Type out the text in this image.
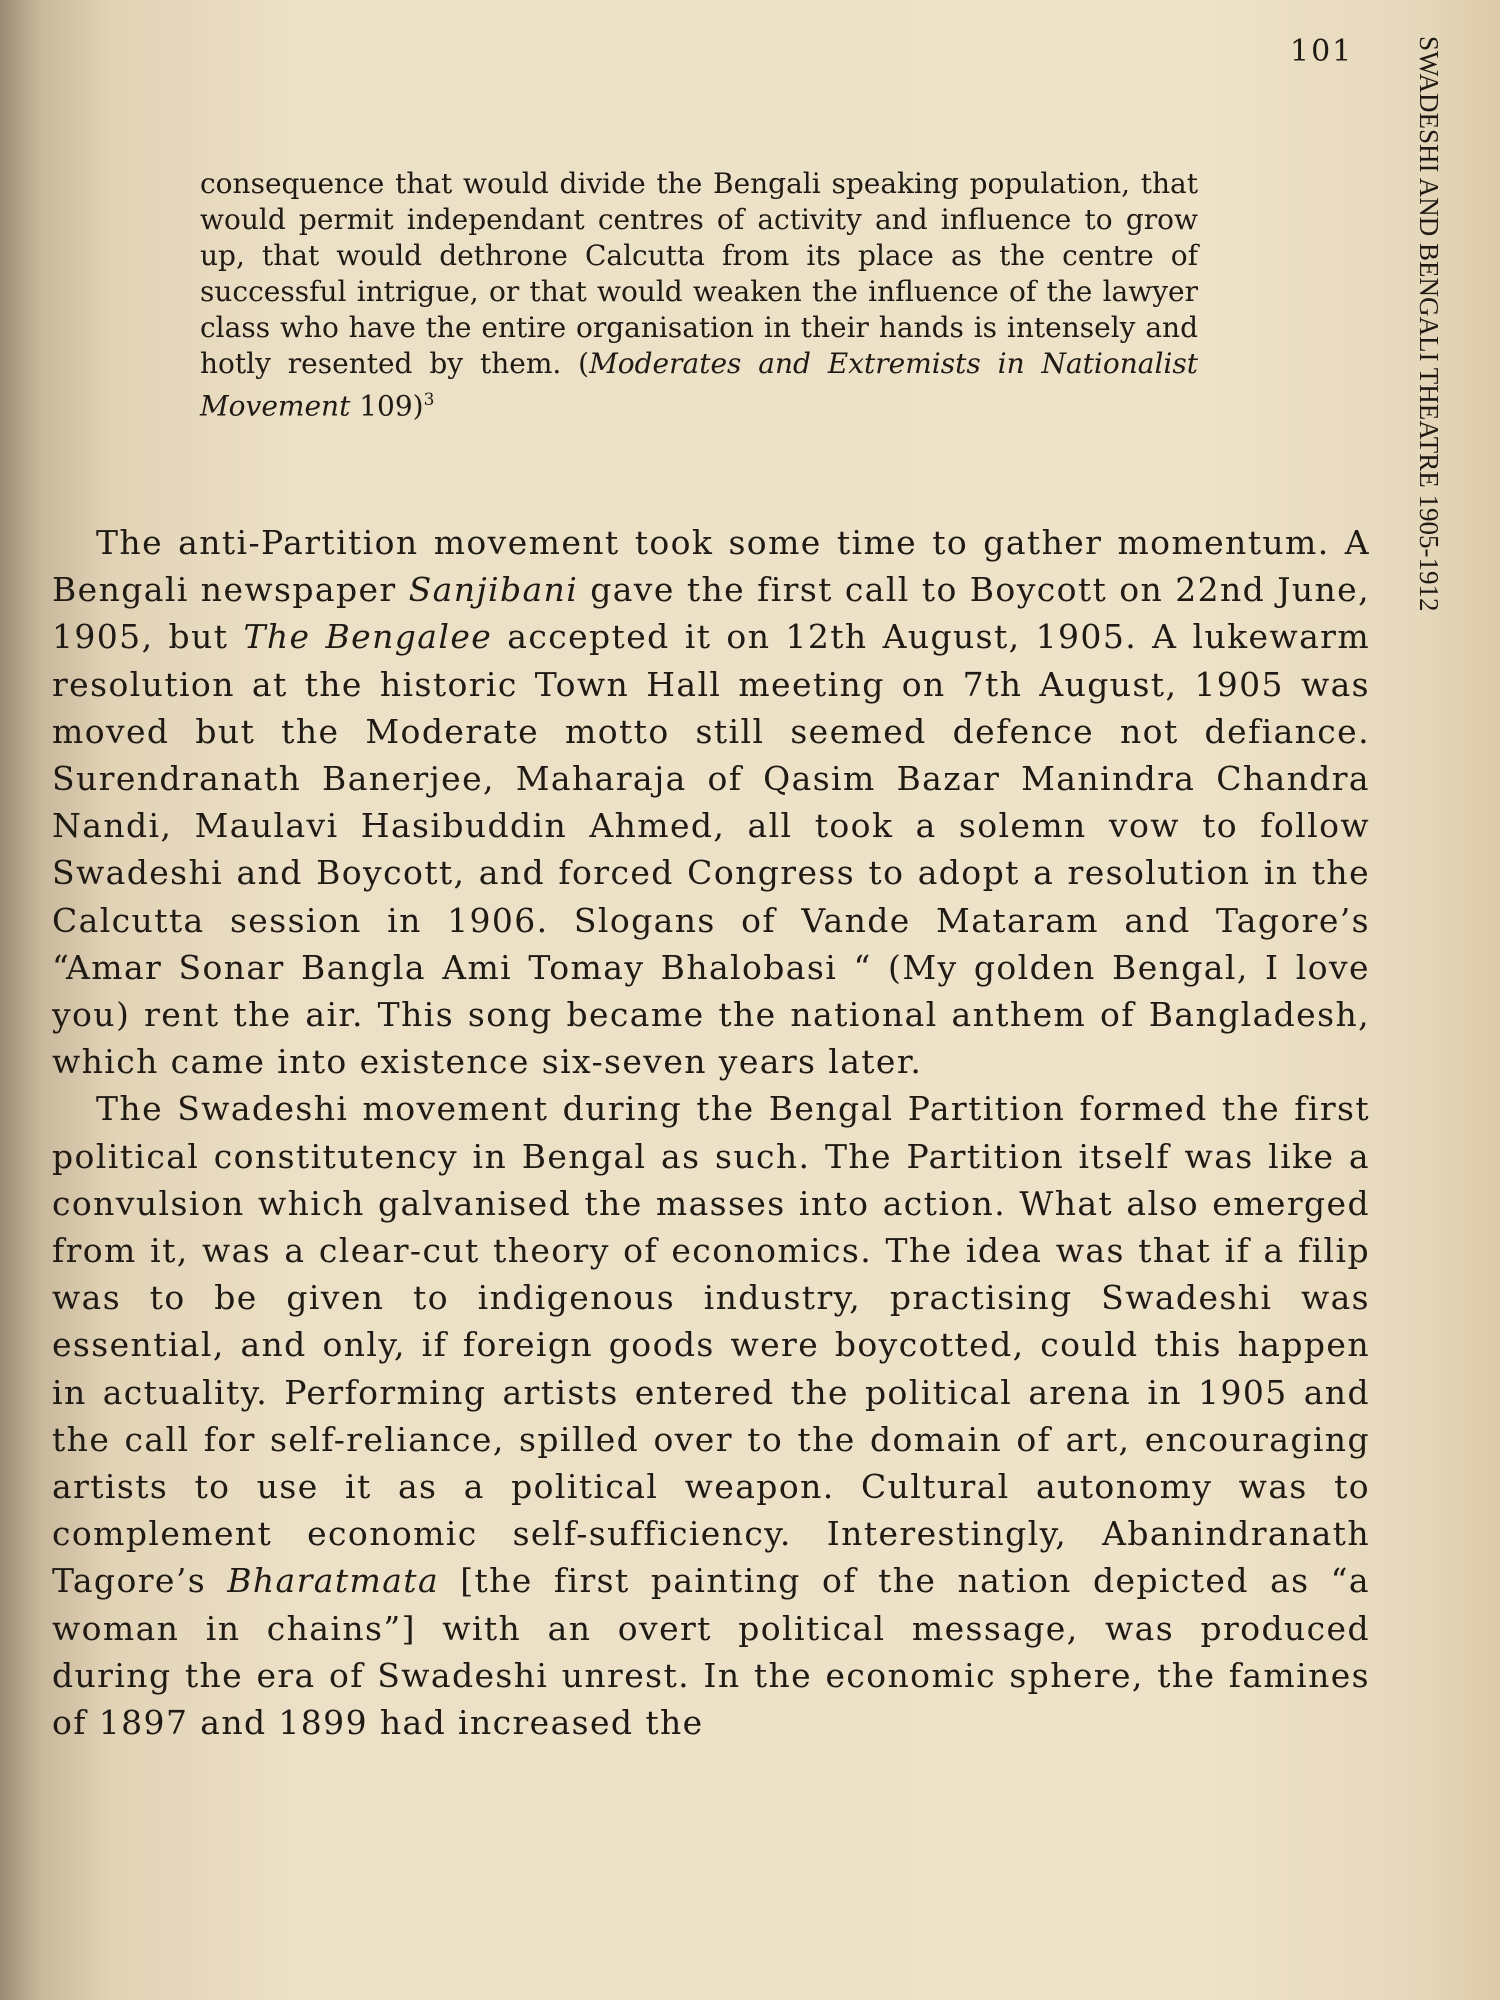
101 SWADESHI AND BENGALI THEATRE 1905-1912

consequence that would divide the Bengali speaking population, that would permit independant centres of activity and influence to grow up, that would dethrone Calcutta from its place as the centre of successful intrigue, or that would weaken the influence of the lawyer class who have the entire organisation in their hands is intensely and hotly resented by them. (Moderates and Extremists in Nationalist Movement 109)$^3$

The anti-Partition movement took some time to gather momentum. A Bengali newspaper Sanjibani gave the first call to Boycott on 22nd June, 1905, but The Bengalee accepted it on 12th August, 1905. A lukewarm resolution at the historic Town Hall meeting on 7th August, 1905 was moved but the Moderate motto still seemed defence not defiance. Surendranath Banerjee, Maharaja of Qasim Bazar Manindra Chandra Nandi, Maulavi Hasibuddin Ahmed, all took a solemn vow to follow Swadeshi and Boycott, and forced Congress to adopt a resolution in the Calcutta session in 1906. Slogans of Vande Mataram and Tagore’s “Amar Sonar Bangla Ami Tomay Bhalobasi “ (My golden Bengal, I love you) rent the air. This song became the national anthem of Bangladesh, which came into existence six-seven years later.

The Swadeshi movement during the Bengal Partition formed the first political constitutency in Bengal as such. The Partition itself was like a convulsion which galvanised the masses into action. What also emerged from it, was a clear-cut theory of economics. The idea was that if a filip was to be given to indigenous industry, practising Swadeshi was essential, and only, if foreign goods were boycotted, could this happen in actuality. Performing artists entered the political arena in 1905 and the call for self-reliance, spilled over to the domain of art, encouraging artists to use it as a political weapon. Cultural autonomy was to complement economic self-sufficiency. Interestingly, Abanindranath Tagore’s Bharatmata [the first painting of the nation depicted as “a woman in chains”] with an overt political message, was produced during the era of Swadeshi unrest. In the economic sphere, the famines of 1897 and 1899 had increased the
